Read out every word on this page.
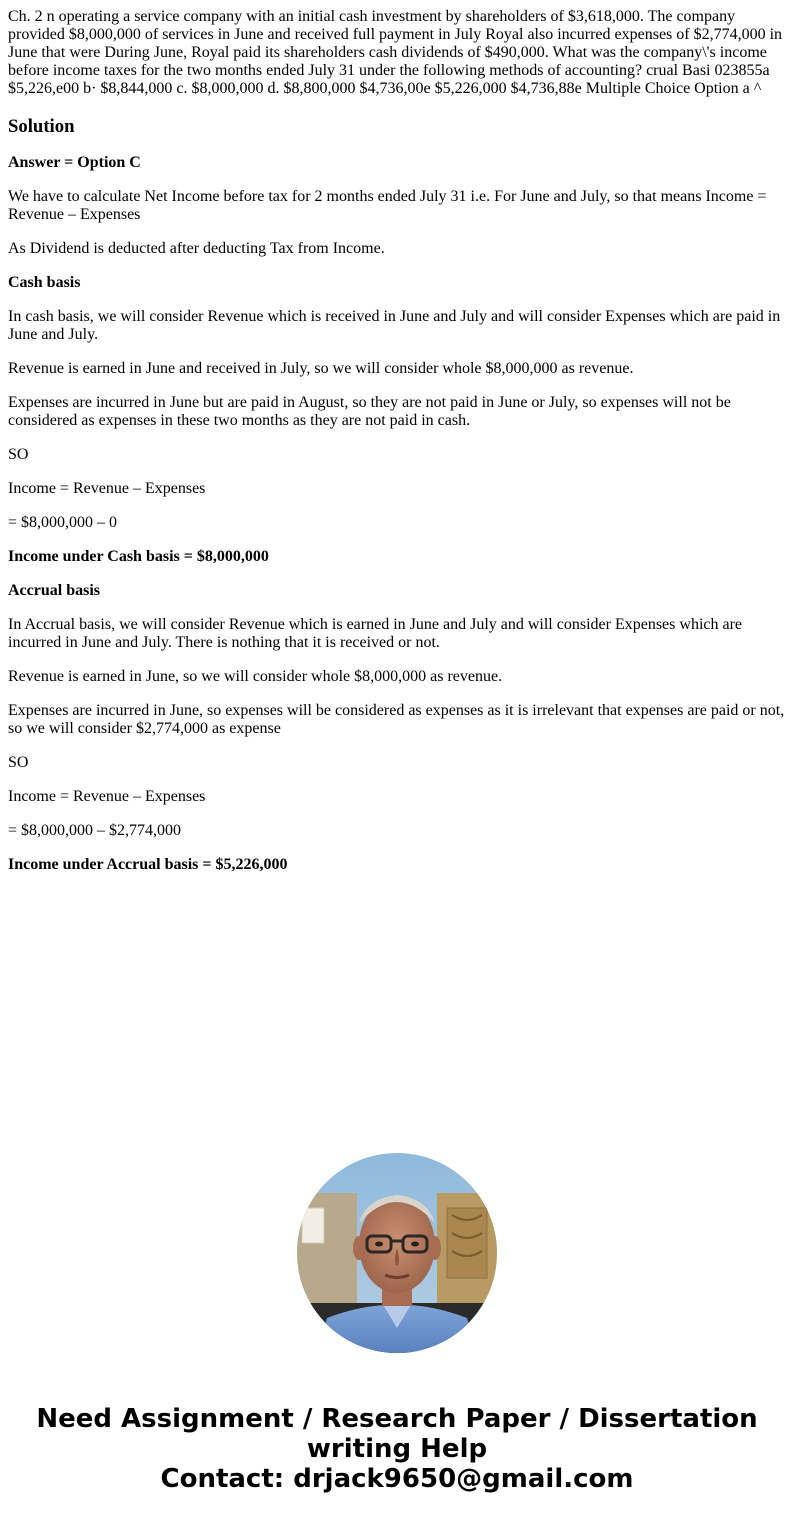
Ch. 2 n operating a service company with an initial cash investment by shareholders of $3,618,000. The company provided $8,000,000 of services in June and received full payment in July Royal also incurred expenses of $2,774,000 in June that were During June, Royal paid its shareholders cash dividends of $490,000. What was the company\'s income before income taxes for the two months ended July 31 under the following methods of accounting? crual Basi 023855a $5,226,e00 b· $8,844,000 c. $8,000,000 d. $8,800,000 $4,736,00e $5,226,000 $4,736,88e Multiple Choice Option a ^

Solution

Answer = Option C

We have to calculate Net Income before tax for 2 months ended July 31 i.e. For June and July, so that means Income = Revenue – Expenses

As Dividend is deducted after deducting Tax from Income.

Cash basis

In cash basis, we will consider Revenue which is received in June and July and will consider Expenses which are paid in June and July.

Revenue is earned in June and received in July, so we will consider whole $8,000,000 as revenue.

Expenses are incurred in June but are paid in August, so they are not paid in June or July, so expenses will not be considered as expenses in these two months as they are not paid in cash.

SO

Income = Revenue – Expenses

= $8,000,000 – 0

Income under Cash basis = $8,000,000

Accrual basis

In Accrual basis, we will consider Revenue which is earned in June and July and will consider Expenses which are incurred in June and July. There is nothing that it is received or not.

Revenue is earned in June, so we will consider whole $8,000,000 as revenue.

Expenses are incurred in June, so expenses will be considered as expenses as it is irrelevant that expenses are paid or not, so we will consider $2,774,000 as expense

SO

Income = Revenue – Expenses

= $8,000,000 – $2,774,000

Income under Accrual basis = $5,226,000

Need Assignment / Research Paper / Dissertation
writing Help
Contact: drjack9650@gmail.com
